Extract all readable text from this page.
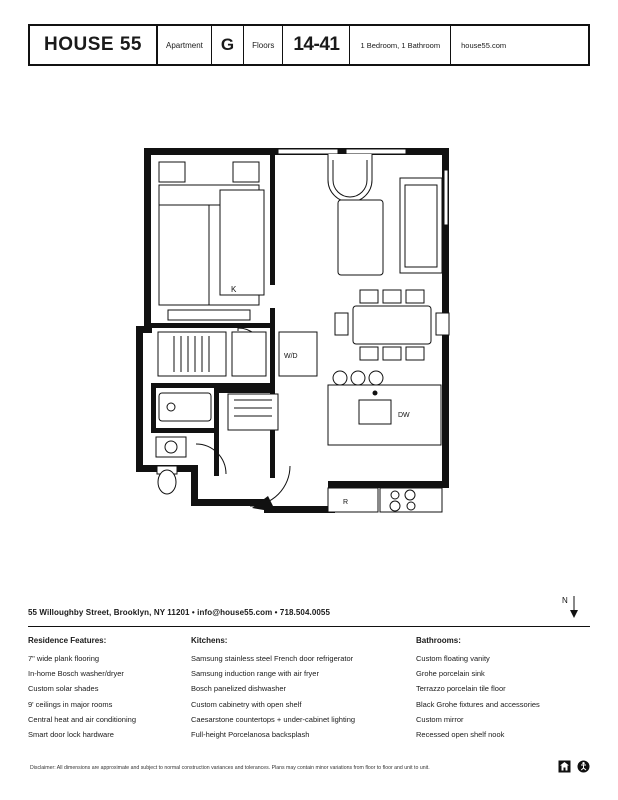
HOUSE 55	Apartment	G	Floors	14-41	1 Bedroom, 1 Bathroom	house55.com
K
DW
R
W/D
N
55 Willoughby Street, Brooklyn, NY 11201 • info@house55.com • 718.504.0055
Residence Features:
7" wide plank flooring
In-home Bosch washer/dryer
Custom solar shades
9' ceilings in major rooms
Central heat and air conditioning
Smart door lock hardware
Kitchens:
Samsung stainless steel French door refrigerator
Samsung induction range with air fryer
Bosch panelized dishwasher
Custom cabinetry with open shelf
Caesarstone countertops + under-cabinet lighting
Full-height Porcelanosa backsplash
Bathrooms:
Custom floating vanity
Grohe porcelain sink
Terrazzo porcelain tile floor
Black Grohe fixtures and accessories
Custom mirror
Recessed open shelf nook
Disclaimer: All dimensions are approximate and subject to normal construction variances and tolerances. Plans may contain minor variations from floor to floor and unit to unit.
